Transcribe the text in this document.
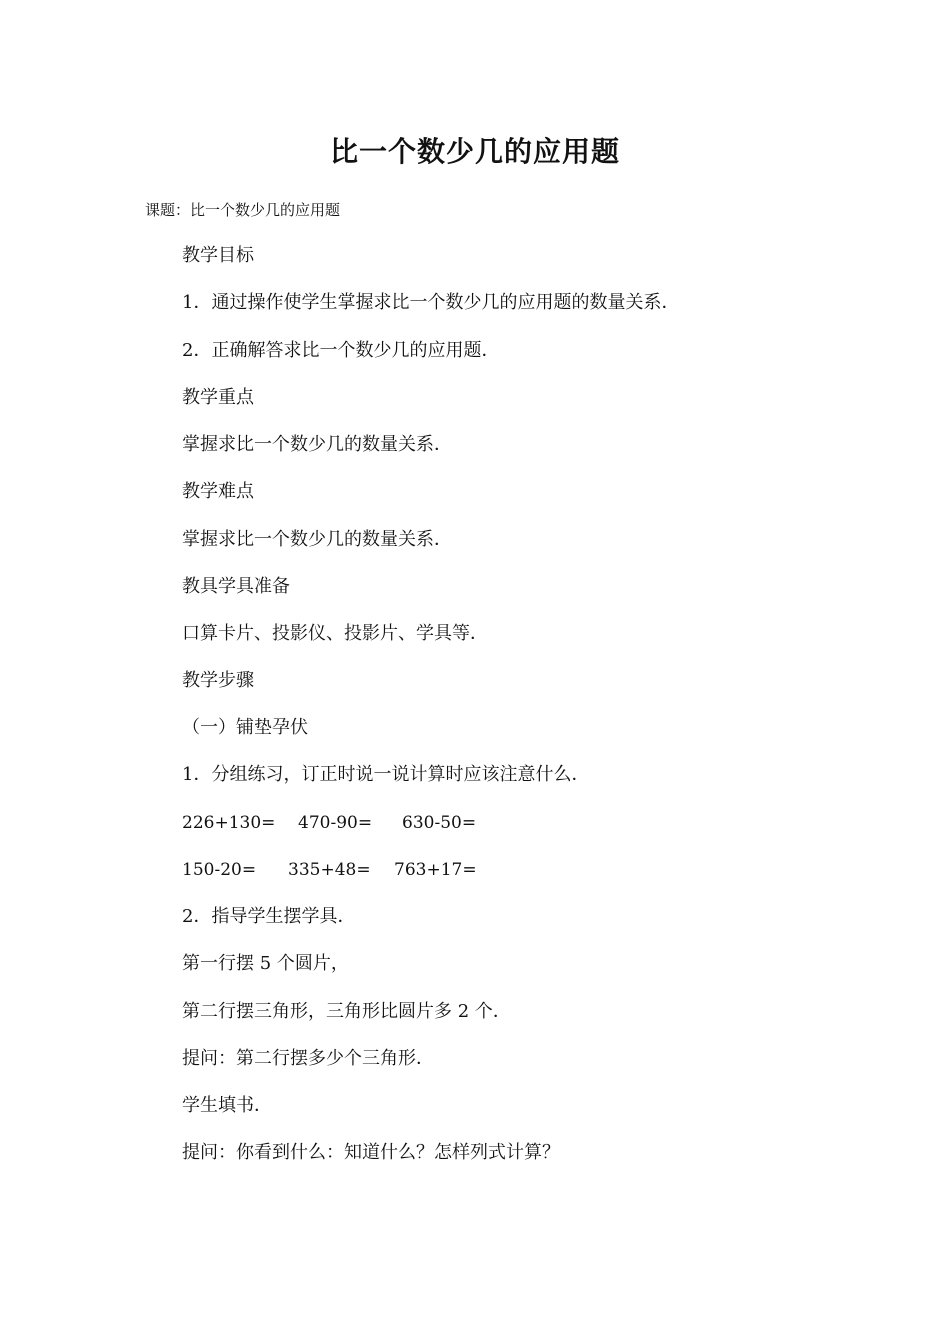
比一个数少几的应用题
课题：比一个数少几的应用题
教学目标
1．通过操作使学生掌握求比一个数少几的应用题的数量关系．
2．正确解答求比一个数少几的应用题．
教学重点
掌握求比一个数少几的数量关系．
教学难点
掌握求比一个数少几的数量关系．
教具学具准备
口算卡片、投影仪、投影片、学具等．
教学步骤
（一）铺垫孕伏
1．分组练习，订正时说一说计算时应该注意什么．
226+130= 470-90= 630-50=
150-20= 335+48= 763+17=
2．指导学生摆学具．
第一行摆 5 个圆片，
第二行摆三角形，三角形比圆片多 2 个．
提问：第二行摆多少个三角形．
学生填书．
提问：你看到什么：知道什么？怎样列式计算？
